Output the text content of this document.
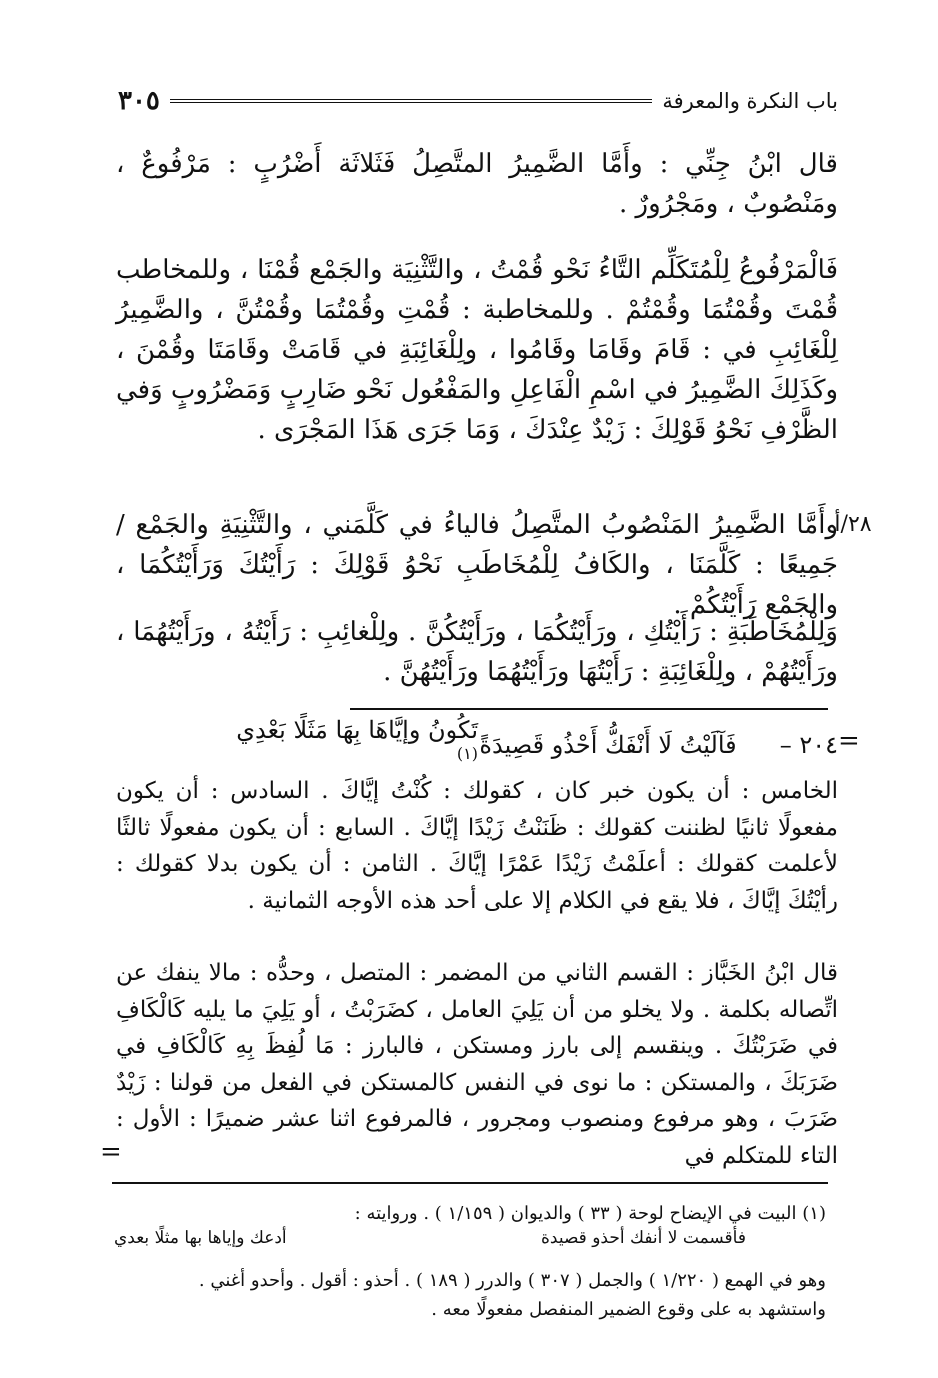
باب النكرة والمعرفة
٣٠٥

قال ابْنُ جِنِّي : وأَمَّا الضَّمِيرُ المتَّصِلُ فَثَلاثَة أَضْرُبٍ : مَرْفُوعٌ ، ومَنْصُوبٌ ، ومَجْرُورٌ .

فَالْمَرْفُوعُ لِلْمُتَكَلِّم التَّاءُ نَحْو قُمْتُ ، والتَّثْنِيَة والجَمْع قُمْنَا ، وللمخاطب قُمْتَ وقُمْتُمَا وقُمْتُمْ . وللمخاطبة : قُمْتِ وقُمْتُمَا وقُمْتُنَّ ، والضَّمِيرُ لِلْغَائِبِ في : قَامَ وقَامَا وقَامُوا ، ولِلْغَائِبَةِ في قَامَتْ وقَامَتَا وقُمْنَ ، وكَذَلِكَ الضَّمِيرُ في اسْمِ الْفَاعِلِ والمَفْعُول نَحْو ضَارِبٍ وَمَضْرُوبٍ وَفي الظَّرْفِ نَحْوُ قَوْلِكَ : زَيْدٌ عِنْدَكَ ، وَمَا جَرَى هَذَا المَجْرَى .

٢٨/أ

وأَمَّا الضَّمِيرُ المَنْصُوبُ المتَّصِلُ فالياءُ في كَلَّمَني ، والتَّثْنِيَةِ والجَمْع / جَمِيعًا : كَلَّمَنَا ، والكَافُ لِلْمُخَاطَبِ نَحْوُ قَوْلِكَ : رَأَيْتُكَ وَرَأَيْتُكُمَا ، والجَمْع رَأَيْتُكُمْ .

وَلِلْمُخَاطَبَةِ : رَأَيْتُكِ ، ورَأَيْتُكُمَا ، ورَأَيْتُكُنَّ . ولِلْغائِبِ : رَأَيْتُهُ ، ورَأَيْتُهُمَا ، ورَأَيْتُهُمْ ، ولِلْغَائِبَةِ : رَأَيْتُهَا ورَأَيْتُهُمَا ورَأَيْتُهُنَّ .

=
٢٠٤ –
فَآلَيْتُ لَا أَنْفَكُّ أَحْذُو قَصِيدَةً
تَكُونُ وإيَّاهَا بِهَا مَثَلًا بَعْدِي $^{(١)}$

الخامس : أن يكون خبر كان ، كقولك : كُنْتُ إيَّاكَ . السادس : أن يكون مفعولًا ثانيًا لظننت كقولك : ظَنَنْتُ زَيْدًا إيَّاكَ . السابع : أن يكون مفعولًا ثالثًا لأعلمت كقولك : أعلَمْتُ زَيْدًا عَمْرًا إيَّاكَ . الثامن : أن يكون بدلا كقولك : رأيْتُكَ إيَّاكَ ، فلا يقع في الكلام إلا على أحد هذه الأوجه الثمانية .

قال ابْنُ الخَبَّاز : القسم الثاني من المضمر : المتصل ، وحدُّه : مالا ينفك عن اتِّصاله بكلمة . ولا يخلو من أن يَلِيَ العامل ، كضَرَبْتُ ، أو يَلِيَ ما يليه كَالْكَافِ في ضَرَبْتُكَ . وينقسم إلى بارز ومستكن ، فالبارز : مَا لُفِظَ بِهِ كَالْكَافِ في ضَرَبَكَ ، والمستكن : ما نوى في النفس كالمستكن في الفعل من قولنا : زَيْدٌ ضَرَبَ ، وهو مرفوع ومنصوب ومجرور ، فالمرفوع اثنا عشر ضميرًا : الأول : التاء للمتكلم في

=

(١) البيت في الإيضاح لوحة ( ٣٣ ) والديوان ( ١/١٥٩ ) . وروايته :

فأقسمت لا أنفك أحذو قصيدة
أدعك وإياها بها مثلًا بعدي

وهو في الهمع ( ١/٢٢٠ ) والجمل ( ٣٠٧ ) والدرر ( ١٨٩ ) . أحذو : أقول . وأحدو أغني .

واستشهد به على وقوع الضمير المنفصل مفعولًا معه .
